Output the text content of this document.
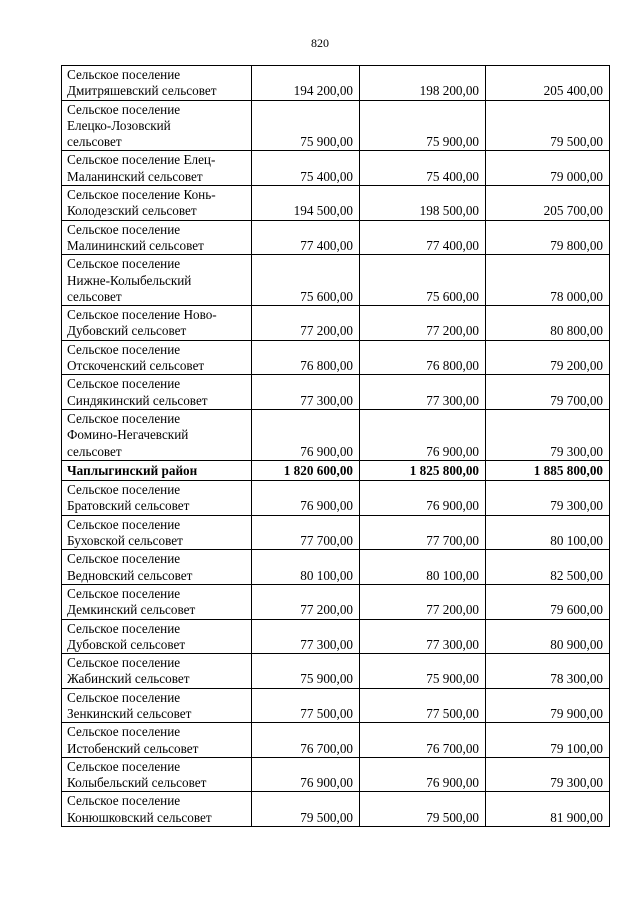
820
Сельское поселение
Дмитряшевский сельсовет	194 200,00	198 200,00	205 400,00
Сельское поселение
Елецко-Лозовский
сельсовет	75 900,00	75 900,00	79 500,00
Сельское поселение Елец-
Маланинский сельсовет	75 400,00	75 400,00	79 000,00
Сельское поселение Конь-
Колодезский сельсовет	194 500,00	198 500,00	205 700,00
Сельское поселение
Малининский сельсовет	77 400,00	77 400,00	79 800,00
Сельское поселение
Нижне-Колыбельский
сельсовет	75 600,00	75 600,00	78 000,00
Сельское поселение Ново-
Дубовский сельсовет	77 200,00	77 200,00	80 800,00
Сельское поселение
Отскоченский сельсовет	76 800,00	76 800,00	79 200,00
Сельское поселение
Синдякинский сельсовет	77 300,00	77 300,00	79 700,00
Сельское поселение
Фомино-Негачевский
сельсовет	76 900,00	76 900,00	79 300,00
Чаплыгинский район	1 820 600,00	1 825 800,00	1 885 800,00
Сельское поселение
Братовский сельсовет	76 900,00	76 900,00	79 300,00
Сельское поселение
Буховской сельсовет	77 700,00	77 700,00	80 100,00
Сельское поселение
Ведновский сельсовет	80 100,00	80 100,00	82 500,00
Сельское поселение
Демкинский сельсовет	77 200,00	77 200,00	79 600,00
Сельское поселение
Дубовской сельсовет	77 300,00	77 300,00	80 900,00
Сельское поселение
Жабинский сельсовет	75 900,00	75 900,00	78 300,00
Сельское поселение
Зенкинский сельсовет	77 500,00	77 500,00	79 900,00
Сельское поселение
Истобенский сельсовет	76 700,00	76 700,00	79 100,00
Сельское поселение
Колыбельский сельсовет	76 900,00	76 900,00	79 300,00
Сельское поселение
Конюшковский сельсовет	79 500,00	79 500,00	81 900,00
